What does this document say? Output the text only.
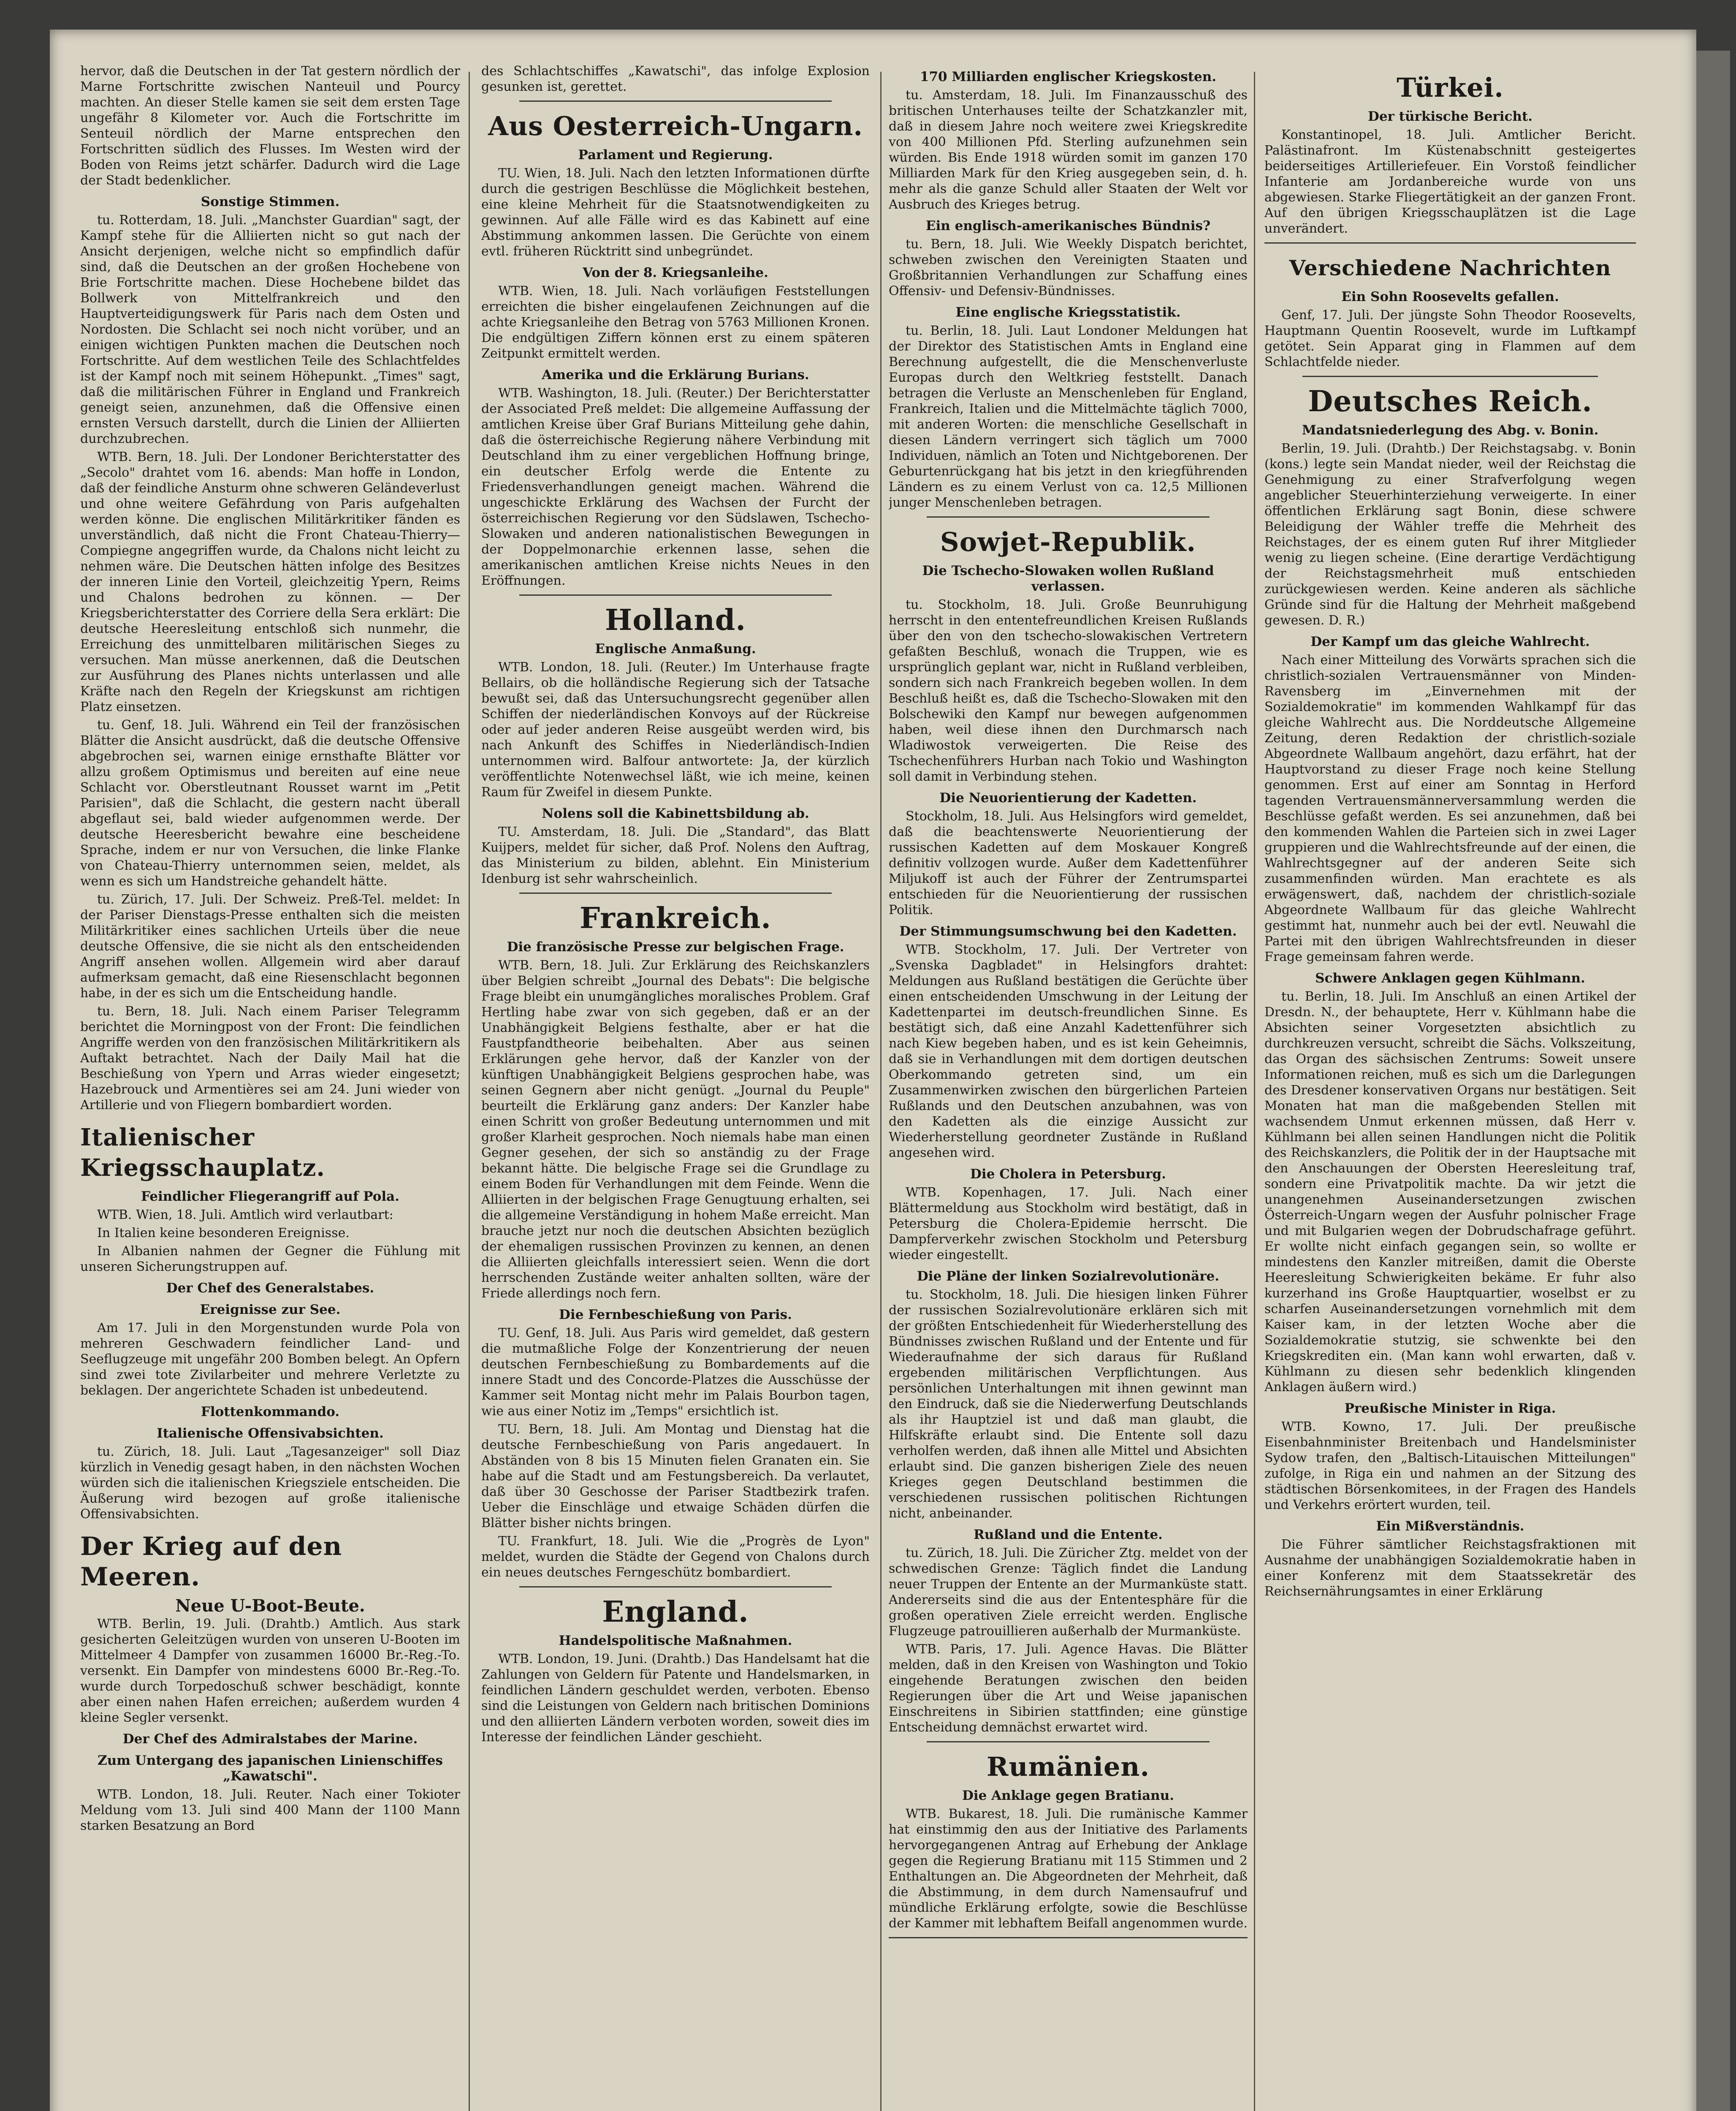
hervor, daß die Deutschen in der Tat gestern nördlich der Marne Fortschritte zwischen Nanteuil und Pourcy machten. An dieser Stelle kamen sie seit dem ersten Tage ungefähr 8 Kilometer vor. Auch die Fortschritte im Senteuil nördlich der Marne entsprechen den Fortschritten südlich des Flusses. Im Westen wird der Boden von Reims jetzt schärfer. Dadurch wird die Lage der Stadt bedenklicher.

Sonstige Stimmen.

tu. Rotterdam, 18. Juli. „Manchster Guardian" sagt, der Kampf stehe für die Alliierten nicht so gut nach der Ansicht derjenigen, welche nicht so empfindlich dafür sind, daß die Deutschen an der großen Hochebene von Brie Fortschritte machen. Diese Hochebene bildet das Bollwerk von Mittelfrankreich und den Hauptverteidigungswerk für Paris nach dem Osten und Nordosten. Die Schlacht sei noch nicht vorüber, und an einigen wichtigen Punkten machen die Deutschen noch Fortschritte. Auf dem westlichen Teile des Schlachtfeldes ist der Kampf noch mit seinem Höhepunkt. „Times" sagt, daß die militärischen Führer in England und Frankreich geneigt seien, anzunehmen, daß die Offensive einen ernsten Versuch darstellt, durch die Linien der Alliierten durchzubrechen.

WTB. Bern, 18. Juli. Der Londoner Berichterstatter des „Secolo" drahtet vom 16. abends: Man hoffe in London, daß der feindliche Ansturm ohne schweren Geländeverlust und ohne weitere Gefährdung von Paris aufgehalten werden könne. Die englischen Militärkritiker fänden es unverständlich, daß nicht die Front Chateau-Thierry—Compiegne angegriffen wurde, da Chalons nicht leicht zu nehmen wäre. Die Deutschen hätten infolge des Besitzes der inneren Linie den Vorteil, gleichzeitig Ypern, Reims und Chalons bedrohen zu können. — Der Kriegsberichterstatter des Corriere della Sera erklärt: Die deutsche Heeresleitung entschloß sich nunmehr, die Erreichung des unmittelbaren militärischen Sieges zu versuchen. Man müsse anerkennen, daß die Deutschen zur Ausführung des Planes nichts unterlassen und alle Kräfte nach den Regeln der Kriegskunst am richtigen Platz einsetzen.

tu. Genf, 18. Juli. Während ein Teil der französischen Blätter die Ansicht ausdrückt, daß die deutsche Offensive abgebrochen sei, warnen einige ernsthafte Blätter vor allzu großem Optimismus und bereiten auf eine neue Schlacht vor. Oberstleutnant Rousset warnt im „Petit Parisien", daß die Schlacht, die gestern nacht überall abgeflaut sei, bald wieder aufgenommen werde. Der deutsche Heeresbericht bewahre eine bescheidene Sprache, indem er nur von Versuchen, die linke Flanke von Chateau-Thierry unternommen seien, meldet, als wenn es sich um Handstreiche gehandelt hätte.

tu. Zürich, 17. Juli. Der Schweiz. Preß-Tel. meldet: In der Pariser Dienstags-Presse enthalten sich die meisten Militärkritiker eines sachlichen Urteils über die neue deutsche Offensive, die sie nicht als den entscheidenden Angriff ansehen wollen. Allgemein wird aber darauf aufmerksam gemacht, daß eine Riesenschlacht begonnen habe, in der es sich um die Entscheidung handle.

tu. Bern, 18. Juli. Nach einem Pariser Telegramm berichtet die Morningpost von der Front: Die feindlichen Angriffe werden von den französischen Militärkritikern als Auftakt betrachtet. Nach der Daily Mail hat die Beschießung von Ypern und Arras wieder eingesetzt; Hazebrouck und Armentières sei am 24. Juni wieder von Artillerie und von Fliegern bombardiert worden.

Italienischer Kriegsschauplatz.
Feindlicher Fliegerangriff auf Pola.

WTB. Wien, 18. Juli. Amtlich wird verlautbart:

In Italien keine besonderen Ereignisse.

In Albanien nahmen der Gegner die Fühlung mit unseren Sicherungstruppen auf.

Der Chef des Generalstabes.
Ereignisse zur See.

Am 17. Juli in den Morgenstunden wurde Pola von mehreren Geschwadern feindlicher Land- und Seeflugzeuge mit ungefähr 200 Bomben belegt. An Opfern sind zwei tote Zivilarbeiter und mehrere Verletzte zu beklagen. Der angerichtete Schaden ist unbedeutend.

Flottenkommando.
Italienische Offensivabsichten.

tu. Zürich, 18. Juli. Laut „Tagesanzeiger" soll Diaz kürzlich in Venedig gesagt haben, in den nächsten Wochen würden sich die italienischen Kriegsziele entscheiden. Die Äußerung wird bezogen auf große italienische Offensivabsichten.

Der Krieg auf den Meeren.
Neue U-Boot-Beute.

WTB. Berlin, 19. Juli. (Drahtb.) Amtlich. Aus stark gesicherten Geleitzügen wurden von unseren U-Booten im Mittelmeer 4 Dampfer von zusammen 16000 Br.-Reg.-To. versenkt. Ein Dampfer von mindestens 6000 Br.-Reg.-To. wurde durch Torpedoschuß schwer beschädigt, konnte aber einen nahen Hafen erreichen; außerdem wurden 4 kleine Segler versenkt.

Der Chef des Admiralstabes der Marine.
Zum Untergang des japanischen Linienschiffes „Kawatschi".

WTB. London, 18. Juli. Reuter. Nach einer Tokioter Meldung vom 13. Juli sind 400 Mann der 1100 Mann starken Besatzung an Bord

des Schlachtschiffes „Kawatschi", das infolge Explosion gesunken ist, gerettet.

Aus Oesterreich-Ungarn.
Parlament und Regierung.

TU. Wien, 18. Juli. Nach den letzten Informationen dürfte durch die gestrigen Beschlüsse die Möglichkeit bestehen, eine kleine Mehrheit für die Staatsnotwendigkeiten zu gewinnen. Auf alle Fälle wird es das Kabinett auf eine Abstimmung ankommen lassen. Die Gerüchte von einem evtl. früheren Rücktritt sind unbegründet.

Von der 8. Kriegsanleihe.

WTB. Wien, 18. Juli. Nach vorläufigen Feststellungen erreichten die bisher eingelaufenen Zeichnungen auf die achte Kriegsanleihe den Betrag von 5763 Millionen Kronen. Die endgültigen Ziffern können erst zu einem späteren Zeitpunkt ermittelt werden.

Amerika und die Erklärung Burians.

WTB. Washington, 18. Juli. (Reuter.) Der Berichterstatter der Associated Preß meldet: Die allgemeine Auffassung der amtlichen Kreise über Graf Burians Mitteilung gehe dahin, daß die österreichische Regierung nähere Verbindung mit Deutschland ihm zu einer vergeblichen Hoffnung bringe, ein deutscher Erfolg werde die Entente zu Friedensverhandlungen geneigt machen. Während die ungeschickte Erklärung des Wachsen der Furcht der österreichischen Regierung vor den Südslawen, Tschecho-Slowaken und anderen nationalistischen Bewegungen in der Doppelmonarchie erkennen lasse, sehen die amerikanischen amtlichen Kreise nichts Neues in den Eröffnungen.

Holland.
Englische Anmaßung.

WTB. London, 18. Juli. (Reuter.) Im Unterhause fragte Bellairs, ob die holländische Regierung sich der Tatsache bewußt sei, daß das Untersuchungsrecht gegenüber allen Schiffen der niederländischen Konvoys auf der Rückreise oder auf jeder anderen Reise ausgeübt werden wird, bis nach Ankunft des Schiffes in Niederländisch-Indien unternommen wird. Balfour antwortete: Ja, der kürzlich veröffentlichte Notenwechsel läßt, wie ich meine, keinen Raum für Zweifel in diesem Punkte.

Nolens soll die Kabinettsbildung ab.

TU. Amsterdam, 18. Juli. Die „Standard", das Blatt Kuijpers, meldet für sicher, daß Prof. Nolens den Auftrag, das Ministerium zu bilden, ablehnt. Ein Ministerium Idenburg ist sehr wahrscheinlich.

Frankreich.
Die französische Presse zur belgischen Frage.

WTB. Bern, 18. Juli. Zur Erklärung des Reichskanzlers über Belgien schreibt „Journal des Debats": Die belgische Frage bleibt ein unumgängliches moralisches Problem. Graf Hertling habe zwar von sich gegeben, daß er an der Unabhängigkeit Belgiens festhalte, aber er hat die Faustpfandtheorie beibehalten. Aber aus seinen Erklärungen gehe hervor, daß der Kanzler von der künftigen Unabhängigkeit Belgiens gesprochen habe, was seinen Gegnern aber nicht genügt. „Journal du Peuple" beurteilt die Erklärung ganz anders: Der Kanzler habe einen Schritt von großer Bedeutung unternommen und mit großer Klarheit gesprochen. Noch niemals habe man einen Gegner gesehen, der sich so anständig zu der Frage bekannt hätte. Die belgische Frage sei die Grundlage zu einem Boden für Verhandlungen mit dem Feinde. Wenn die Alliierten in der belgischen Frage Genugtuung erhalten, sei die allgemeine Verständigung in hohem Maße erreicht. Man brauche jetzt nur noch die deutschen Absichten bezüglich der ehemaligen russischen Provinzen zu kennen, an denen die Alliierten gleichfalls interessiert seien. Wenn die dort herrschenden Zustände weiter anhalten sollten, wäre der Friede allerdings noch fern.

Die Fernbeschießung von Paris.

TU. Genf, 18. Juli. Aus Paris wird gemeldet, daß gestern die mutmaßliche Folge der Konzentrierung der neuen deutschen Fernbeschießung zu Bombardements auf die innere Stadt und des Concorde-Platzes die Ausschüsse der Kammer seit Montag nicht mehr im Palais Bourbon tagen, wie aus einer Notiz im „Temps" ersichtlich ist.

TU. Bern, 18. Juli. Am Montag und Dienstag hat die deutsche Fernbeschießung von Paris angedauert. In Abständen von 8 bis 15 Minuten fielen Granaten ein. Sie habe auf die Stadt und am Festungsbereich. Da verlautet, daß über 30 Geschosse der Pariser Stadtbezirk trafen. Ueber die Einschläge und etwaige Schäden dürfen die Blätter bisher nichts bringen.

TU. Frankfurt, 18. Juli. Wie die „Progrès de Lyon" meldet, wurden die Städte der Gegend von Chalons durch ein neues deutsches Ferngeschütz bombardiert.

England.
Handelspolitische Maßnahmen.

WTB. London, 19. Juni. (Drahtb.) Das Handelsamt hat die Zahlungen von Geldern für Patente und Handelsmarken, in feindlichen Ländern geschuldet werden, verboten. Ebenso sind die Leistungen von Geldern nach britischen Dominions und den alliierten Ländern verboten worden, soweit dies im Interesse der feindlichen Länder geschieht.

170 Milliarden englischer Kriegskosten.

tu. Amsterdam, 18. Juli. Im Finanzausschuß des britischen Unterhauses teilte der Schatzkanzler mit, daß in diesem Jahre noch weitere zwei Kriegskredite von 400 Millionen Pfd. Sterling aufzunehmen sein würden. Bis Ende 1918 würden somit im ganzen 170 Milliarden Mark für den Krieg ausgegeben sein, d. h. mehr als die ganze Schuld aller Staaten der Welt vor Ausbruch des Krieges betrug.

Ein englisch-amerikanisches Bündnis?

tu. Bern, 18. Juli. Wie Weekly Dispatch berichtet, schweben zwischen den Vereinigten Staaten und Großbritannien Verhandlungen zur Schaffung eines Offensiv- und Defensiv-Bündnisses.

Eine englische Kriegsstatistik.

tu. Berlin, 18. Juli. Laut Londoner Meldungen hat der Direktor des Statistischen Amts in England eine Berechnung aufgestellt, die die Menschenverluste Europas durch den Weltkrieg feststellt. Danach betragen die Verluste an Menschenleben für England, Frankreich, Italien und die Mittelmächte täglich 7000, mit anderen Worten: die menschliche Gesellschaft in diesen Ländern verringert sich täglich um 7000 Individuen, nämlich an Toten und Nichtgeborenen. Der Geburtenrückgang hat bis jetzt in den kriegführenden Ländern es zu einem Verlust von ca. 12,5 Millionen junger Menschenleben betragen.

Sowjet-Republik.
Die Tschecho-Slowaken wollen Rußland verlassen.

tu. Stockholm, 18. Juli. Große Beunruhigung herrscht in den ententefreundlichen Kreisen Rußlands über den von den tschecho-slowakischen Vertretern gefaßten Beschluß, wonach die Truppen, wie es ursprünglich geplant war, nicht in Rußland verbleiben, sondern sich nach Frankreich begeben wollen. In dem Beschluß heißt es, daß die Tschecho-Slowaken mit den Bolschewiki den Kampf nur bewegen aufgenommen haben, weil diese ihnen den Durchmarsch nach Wladiwostok verweigerten. Die Reise des Tschechenführers Hurban nach Tokio und Washington soll damit in Verbindung stehen.

Die Neuorientierung der Kadetten.

Stockholm, 18. Juli. Aus Helsingfors wird gemeldet, daß die beachtenswerte Neuorientierung der russischen Kadetten auf dem Moskauer Kongreß definitiv vollzogen wurde. Außer dem Kadettenführer Miljukoff ist auch der Führer der Zentrumspartei entschieden für die Neuorientierung der russischen Politik.

Der Stimmungsumschwung bei den Kadetten.

WTB. Stockholm, 17. Juli. Der Vertreter von „Svenska Dagbladet" in Helsingfors drahtet: Meldungen aus Rußland bestätigen die Gerüchte über einen entscheidenden Umschwung in der Leitung der Kadettenpartei im deutsch-freundlichen Sinne. Es bestätigt sich, daß eine Anzahl Kadettenführer sich nach Kiew begeben haben, und es ist kein Geheimnis, daß sie in Verhandlungen mit dem dortigen deutschen Oberkommando getreten sind, um ein Zusammenwirken zwischen den bürgerlichen Parteien Rußlands und den Deutschen anzubahnen, was von den Kadetten als die einzige Aussicht zur Wiederherstellung geordneter Zustände in Rußland angesehen wird.

Die Cholera in Petersburg.

WTB. Kopenhagen, 17. Juli. Nach einer Blättermeldung aus Stockholm wird bestätigt, daß in Petersburg die Cholera-Epidemie herrscht. Die Dampferverkehr zwischen Stockholm und Petersburg wieder eingestellt.

Die Pläne der linken Sozialrevolutionäre.

tu. Stockholm, 18. Juli. Die hiesigen linken Führer der russischen Sozialrevolutionäre erklären sich mit der größten Entschiedenheit für Wiederherstellung des Bündnisses zwischen Rußland und der Entente und für Wiederaufnahme der sich daraus für Rußland ergebenden militärischen Verpflichtungen. Aus persönlichen Unterhaltungen mit ihnen gewinnt man den Eindruck, daß sie die Niederwerfung Deutschlands als ihr Hauptziel ist und daß man glaubt, die Hilfskräfte erlaubt sind. Die Entente soll dazu verholfen werden, daß ihnen alle Mittel und Absichten erlaubt sind. Die ganzen bisherigen Ziele des neuen Krieges gegen Deutschland bestimmen die verschiedenen russischen politischen Richtungen nicht, anbeinander.

Rußland und die Entente.

tu. Zürich, 18. Juli. Die Züricher Ztg. meldet von der schwedischen Grenze: Täglich findet die Landung neuer Truppen der Entente an der Murmanküste statt. Andererseits sind die aus der Ententesphäre für die großen operativen Ziele erreicht werden. Englische Flugzeuge patrouillieren außerhalb der Murmanküste.

WTB. Paris, 17. Juli. Agence Havas. Die Blätter melden, daß in den Kreisen von Washington und Tokio eingehende Beratungen zwischen den beiden Regierungen über die Art und Weise japanischen Einschreitens in Sibirien stattfinden; eine günstige Entscheidung demnächst erwartet wird.

Rumänien.
Die Anklage gegen Bratianu.

WTB. Bukarest, 18. Juli. Die rumänische Kammer hat einstimmig den aus der Initiative des Parlaments hervorgegangenen Antrag auf Erhebung der Anklage gegen die Regierung Bratianu mit 115 Stimmen und 2 Enthaltungen an. Die Abgeordneten der Mehrheit, daß die Abstimmung, in dem durch Namensaufruf und mündliche Erklärung erfolgte, sowie die Beschlüsse der Kammer mit lebhaftem Beifall angenommen wurde.

Türkei.
Der türkische Bericht.

Konstantinopel, 18. Juli. Amtlicher Bericht. Palästinafront. Im Küstenabschnitt gesteigertes beiderseitiges Artilleriefeuer. Ein Vorstoß feindlicher Infanterie am Jordanbereiche wurde von uns abgewiesen. Starke Fliegertätigkeit an der ganzen Front. Auf den übrigen Kriegsschauplätzen ist die Lage unverändert.

Verschiedene Nachrichten
Ein Sohn Roosevelts gefallen.

Genf, 17. Juli. Der jüngste Sohn Theodor Roosevelts, Hauptmann Quentin Roosevelt, wurde im Luftkampf getötet. Sein Apparat ging in Flammen auf dem Schlachtfelde nieder.

Deutsches Reich.
Mandatsniederlegung des Abg. v. Bonin.

Berlin, 19. Juli. (Drahtb.) Der Reichstagsabg. v. Bonin (kons.) legte sein Mandat nieder, weil der Reichstag die Genehmigung zu einer Strafverfolgung wegen angeblicher Steuerhinterziehung verweigerte. In einer öffentlichen Erklärung sagt Bonin, diese schwere Beleidigung der Wähler treffe die Mehrheit des Reichstages, der es einem guten Ruf ihrer Mitglieder wenig zu liegen scheine. (Eine derartige Verdächtigung der Reichstagsmehrheit muß entschieden zurückgewiesen werden. Keine anderen als sächliche Gründe sind für die Haltung der Mehrheit maßgebend gewesen. D. R.)

Der Kampf um das gleiche Wahlrecht.

Nach einer Mitteilung des Vorwärts sprachen sich die christlich-sozialen Vertrauensmänner von Minden-Ravensberg im „Einvernehmen mit der Sozialdemokratie" im kommenden Wahlkampf für das gleiche Wahlrecht aus. Die Norddeutsche Allgemeine Zeitung, deren Redaktion der christlich-soziale Abgeordnete Wallbaum angehört, dazu erfährt, hat der Hauptvorstand zu dieser Frage noch keine Stellung genommen. Erst auf einer am Sonntag in Herford tagenden Vertrauensmännerversammlung werden die Beschlüsse gefaßt werden. Es sei anzunehmen, daß bei den kommenden Wahlen die Parteien sich in zwei Lager gruppieren und die Wahlrechtsfreunde auf der einen, die Wahlrechtsgegner auf der anderen Seite sich zusammenfinden würden. Man erachtete es als erwägenswert, daß, nachdem der christlich-soziale Abgeordnete Wallbaum für das gleiche Wahlrecht gestimmt hat, nunmehr auch bei der evtl. Neuwahl die Partei mit den übrigen Wahlrechtsfreunden in dieser Frage gemeinsam fahren werde.

Schwere Anklagen gegen Kühlmann.

tu. Berlin, 18. Juli. Im Anschluß an einen Artikel der Dresdn. N., der behauptete, Herr v. Kühlmann habe die Absichten seiner Vorgesetzten absichtlich zu durchkreuzen versucht, schreibt die Sächs. Volkszeitung, das Organ des sächsischen Zentrums: Soweit unsere Informationen reichen, muß es sich um die Darlegungen des Dresdener konservativen Organs nur bestätigen. Seit Monaten hat man die maßgebenden Stellen mit wachsendem Unmut erkennen müssen, daß Herr v. Kühlmann bei allen seinen Handlungen nicht die Politik des Reichskanzlers, die Politik der in der Hauptsache mit den Anschauungen der Obersten Heeresleitung traf, sondern eine Privatpolitik machte. Da wir jetzt die unangenehmen Auseinandersetzungen zwischen Österreich-Ungarn wegen der Ausfuhr polnischer Frage und mit Bulgarien wegen der Dobrudschafrage geführt. Er wollte nicht einfach gegangen sein, so wollte er mindestens den Kanzler mitreißen, damit die Oberste Heeresleitung Schwierigkeiten bekäme. Er fuhr also kurzerhand ins Große Hauptquartier, woselbst er zu scharfen Auseinandersetzungen vornehmlich mit dem Kaiser kam, in der letzten Woche aber die Sozialdemokratie stutzig, sie schwenkte bei den Kriegskrediten ein. (Man kann wohl erwarten, daß v. Kühlmann zu diesen sehr bedenklich klingenden Anklagen äußern wird.)

Preußische Minister in Riga.

WTB. Kowno, 17. Juli. Der preußische Eisenbahnminister Breitenbach und Handelsminister Sydow trafen, den „Baltisch-Litauischen Mitteilungen" zufolge, in Riga ein und nahmen an der Sitzung des städtischen Börsenkomitees, in der Fragen des Handels und Verkehrs erörtert wurden, teil.

Ein Mißverständnis.

Die Führer sämtlicher Reichstagsfraktionen mit Ausnahme der unabhängigen Sozialdemokratie haben in einer Konferenz mit dem Staatssekretär des Reichsernährungsamtes in einer Erklärung
